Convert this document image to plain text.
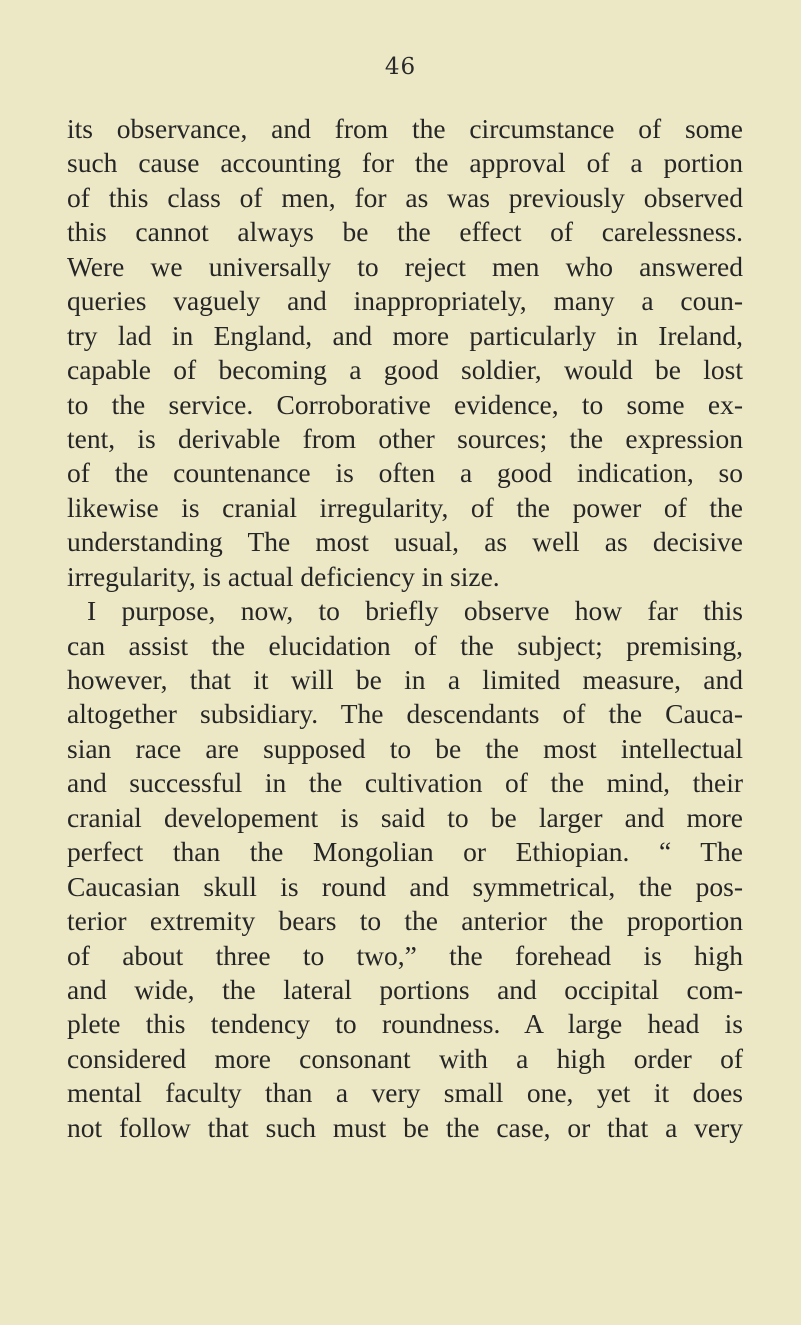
46
its observance, and from the circumstance of some
such cause accounting for the approval of a portion
of this class of men, for as was previously observed
this cannot always be the effect of carelessness.
Were we universally to reject men who answered
queries vaguely and inappropriately, many a coun-
try lad in England, and more particularly in Ireland,
capable of becoming a good soldier, would be lost
to the service. Corroborative evidence, to some ex-
tent, is derivable from other sources; the expression
of the countenance is often a good indication, so
likewise is cranial irregularity, of the power of the
understanding The most usual, as well as decisive
irregularity, is actual deficiency in size.
I purpose, now, to briefly observe how far this
can assist the elucidation of the subject; premising,
however, that it will be in a limited measure, and
altogether subsidiary. The descendants of the Cauca-
sian race are supposed to be the most intellectual
and successful in the cultivation of the mind, their
cranial developement is said to be larger and more
perfect than the Mongolian or Ethiopian. “ The
Caucasian skull is round and symmetrical, the pos-
terior extremity bears to the anterior the proportion
of about three to two,” the forehead is high
and wide, the lateral portions and occipital com-
plete this tendency to roundness. A large head is
considered more consonant with a high order of
mental faculty than a very small one, yet it does
not follow that such must be the case, or that a very
